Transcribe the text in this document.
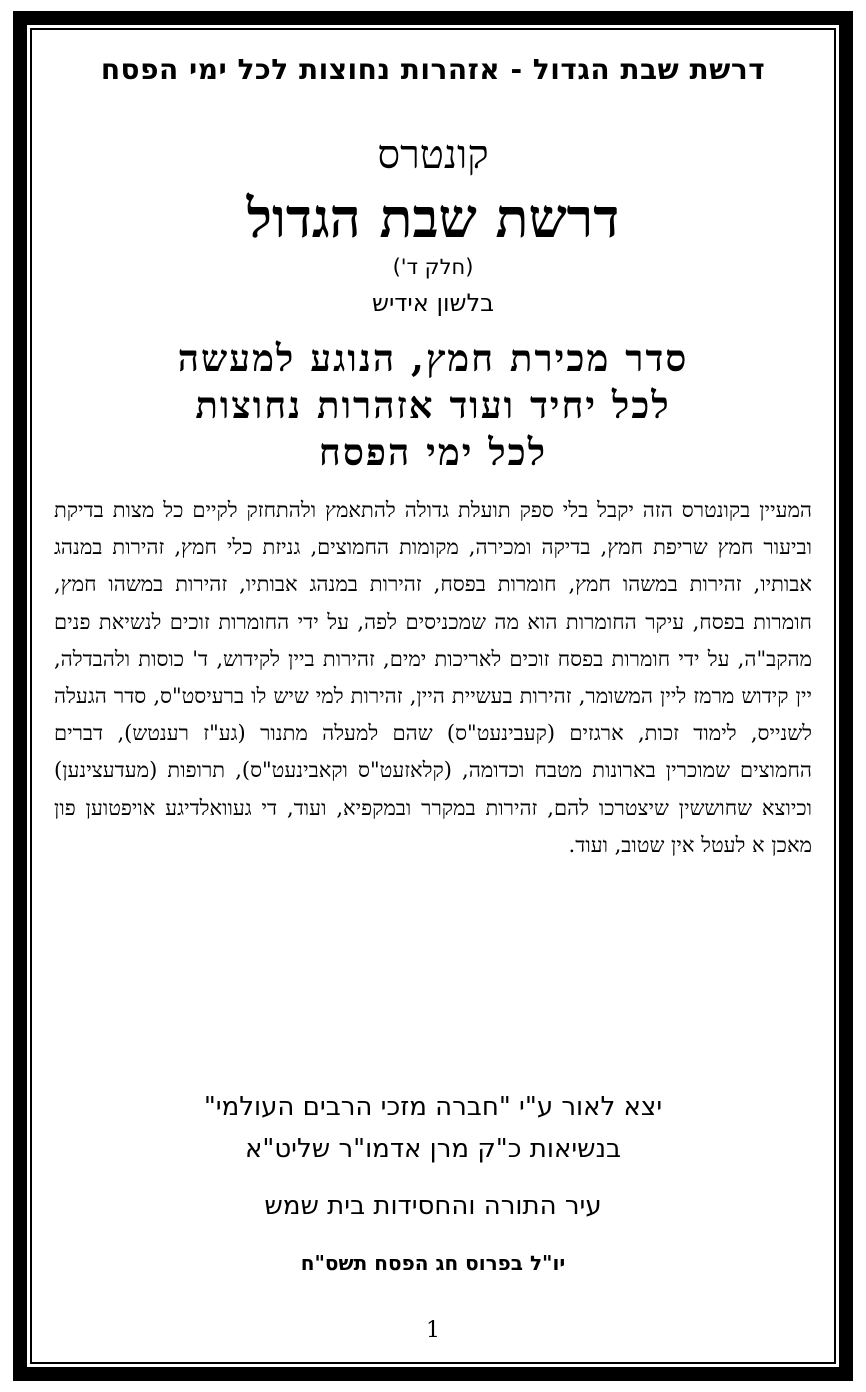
דרשת שבת הגדול - אזהרות נחוצות לכל ימי הפסח
קונטרס
דרשת שבת הגדול
(חלק ד')
בלשון אידיש
סדר מכירת חמץ, הנוגע למעשה
לכל יחיד ועוד אזהרות נחוצות
לכל ימי הפסח
המעיין בקונטרס הזה יקבל בלי ספק תועלת גדולה להתאמץ ולהתחזק לקיים כל מצות בדיקת וביעור חמץ שריפת חמץ, בדיקה ומכירה, מקומות החמוצים, גניזת כלי חמץ, זהירות במנהג אבותיו, זהירות במשהו חמץ, חומרות בפסח, זהירות במנהג אבותיו, זהירות במשהו חמץ, חומרות בפסח, עיקר החומרות הוא מה שמכניסים לפה, על ידי החומרות זוכים לנשיאת פנים מהקב"ה, על ידי חומרות בפסח זוכים לאריכות ימים, זהירות ביין לקידוש, ד' כוסות ולהבדלה, יין קידוש מרמז ליין המשומר, זהירות בעשיית היין, זהירות למי שיש לו ברעיסט"ס, סדר הגעלה לשנייס, לימוד זכות, ארגזים (קעבינעט"ס) שהם למעלה מתנור (גע"ז רענטש), דברים החמוצים שמוכרין בארונות מטבח וכדומה, (קלאזעט"ס וקאבינעט"ס), תרופות (מעדעצינען) וכיוצא שחוששין שיצטרכו להם, זהירות במקרר ובמקפיא, ועוד, די געוואלדיגע אויפטוען פון מאכן א לעטל אין שטוב, ועוד.
יצא לאור ע"י "חברה מזכי הרבים העולמי"
בנשיאות כ"ק מרן אדמו"ר שליט"א
עיר התורה והחסידות בית שמש
יו"ל בפרוס חג הפסח תשס"ח
1
